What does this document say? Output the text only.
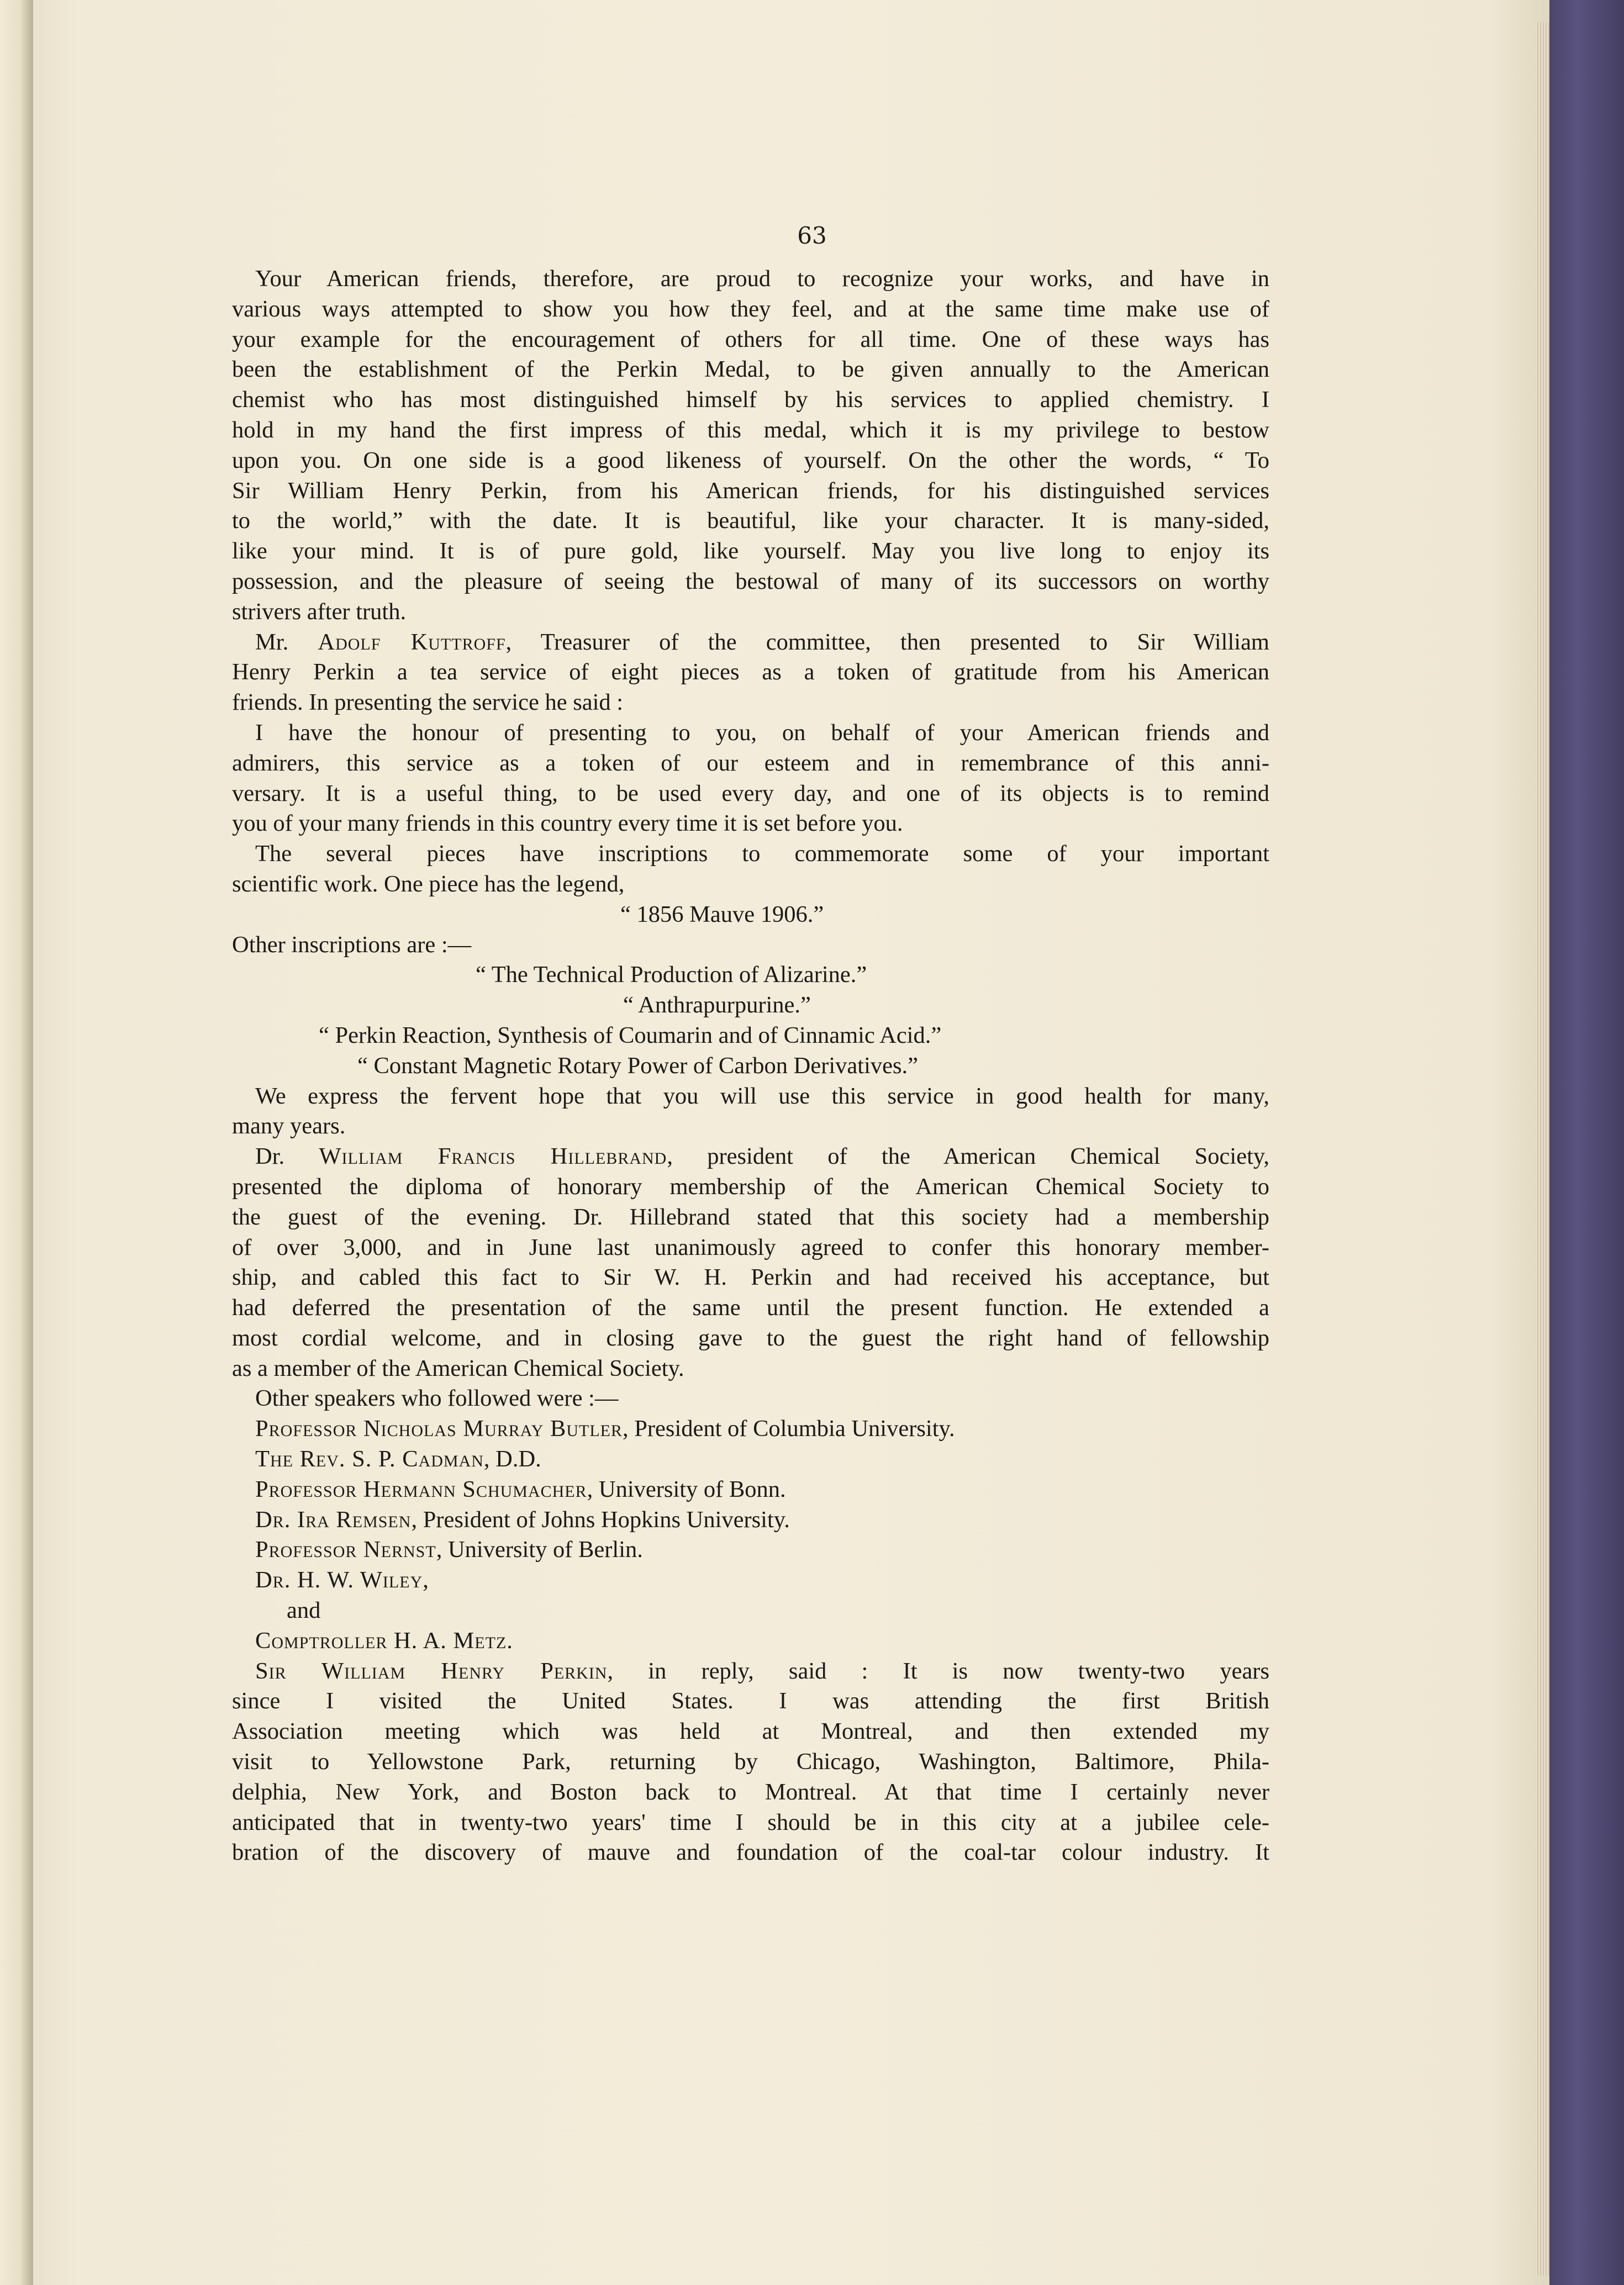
63
Your American friends, therefore, are proud to recognize your works, and have in
various ways attempted to show you how they feel, and at the same time make use of
your example for the encouragement of others for all time. One of these ways has
been the establishment of the Perkin Medal, to be given annually to the American
chemist who has most distinguished himself by his services to applied chemistry. I
hold in my hand the first impress of this medal, which it is my privilege to bestow
upon you. On one side is a good likeness of yourself. On the other the words, “ To
Sir William Henry Perkin, from his American friends, for his distinguished services
to the world,” with the date. It is beautiful, like your character. It is many-sided,
like your mind. It is of pure gold, like yourself. May you live long to enjoy its
possession, and the pleasure of seeing the bestowal of many of its successors on worthy
strivers after truth.
Mr. Adolf Kuttroff, Treasurer of the committee, then presented to Sir William
Henry Perkin a tea service of eight pieces as a token of gratitude from his American
friends. In presenting the service he said :
I have the honour of presenting to you, on behalf of your American friends and
admirers, this service as a token of our esteem and in remembrance of this anni-
versary. It is a useful thing, to be used every day, and one of its objects is to remind
you of your many friends in this country every time it is set before you.
The several pieces have inscriptions to commemorate some of your important
scientific work. One piece has the legend,
“ 1856 Mauve 1906.”
Other inscriptions are :—
“ The Technical Production of Alizarine.”
“ Anthrapurpurine.”
“ Perkin Reaction, Synthesis of Coumarin and of Cinnamic Acid.”
“ Constant Magnetic Rotary Power of Carbon Derivatives.”
We express the fervent hope that you will use this service in good health for many,
many years.
Dr. William Francis Hillebrand, president of the American Chemical Society,
presented the diploma of honorary membership of the American Chemical Society to
the guest of the evening. Dr. Hillebrand stated that this society had a membership
of over 3,000, and in June last unanimously agreed to confer this honorary member-
ship, and cabled this fact to Sir W. H. Perkin and had received his acceptance, but
had deferred the presentation of the same until the present function. He extended a
most cordial welcome, and in closing gave to the guest the right hand of fellowship
as a member of the American Chemical Society.
Other speakers who followed were :—
Professor Nicholas Murray Butler, President of Columbia University.
The Rev. S. P. Cadman, D.D.
Professor Hermann Schumacher, University of Bonn.
Dr. Ira Remsen, President of Johns Hopkins University.
Professor Nernst, University of Berlin.
Dr. H. W. Wiley,
and
Comptroller H. A. Metz.
Sir William Henry Perkin, in reply, said : It is now twenty-two years
since I visited the United States. I was attending the first British
Association meeting which was held at Montreal, and then extended my
visit to Yellowstone Park, returning by Chicago, Washington, Baltimore, Phila-
delphia, New York, and Boston back to Montreal. At that time I certainly never
anticipated that in twenty-two years' time I should be in this city at a jubilee cele-
bration of the discovery of mauve and foundation of the coal-tar colour industry. It
